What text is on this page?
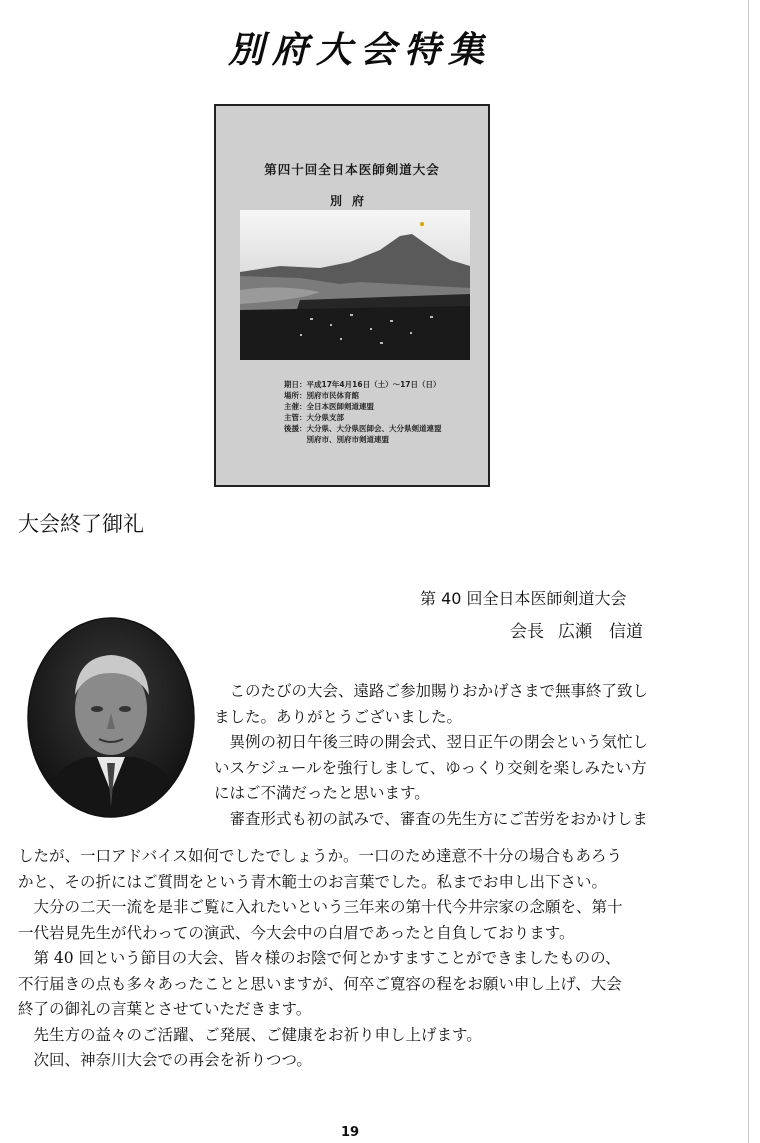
別府大会特集
第四十回全日本医師剣道大会
別府
期日：平成17年4月16日（土）～17日（日）
場所：別府市民体育館
主催：全日本医師剣道連盟
主管：大分県支部
後援：大分県、大分県医師会、大分県剣道連盟
　　　別府市、別府市剣道連盟
大会終了御礼
第 40 回全日本医師剣道大会
会長 広瀬　信道
　このたびの大会、遠路ご参加賜りおかげさまで無事終了致し
ました。ありがとうございました。
　異例の初日午後三時の開会式、翌日正午の閉会という気忙し
いスケジュールを強行しまして、ゆっくり交剣を楽しみたい方
にはご不満だったと思います。
　審査形式も初の試みで、審査の先生方にご苦労をおかけしま
したが、一口アドバイス如何でしたでしょうか。一口のため達意不十分の場合もあろう
かと、その折にはご質問をという青木範士のお言葉でした。私までお申し出下さい。
　大分の二天一流を是非ご覧に入れたいという三年来の第十代今井宗家の念願を、第十
一代岩見先生が代わっての演武、今大会中の白眉であったと自負しております。
　第 40 回という節目の大会、皆々様のお陰で何とかすますことができましたものの、
不行届きの点も多々あったことと思いますが、何卒ご寛容の程をお願い申し上げ、大会
終了の御礼の言葉とさせていただきます。
　先生方の益々のご活躍、ご発展、ご健康をお祈り申し上げます。
　次回、神奈川大会での再会を祈りつつ。
19
